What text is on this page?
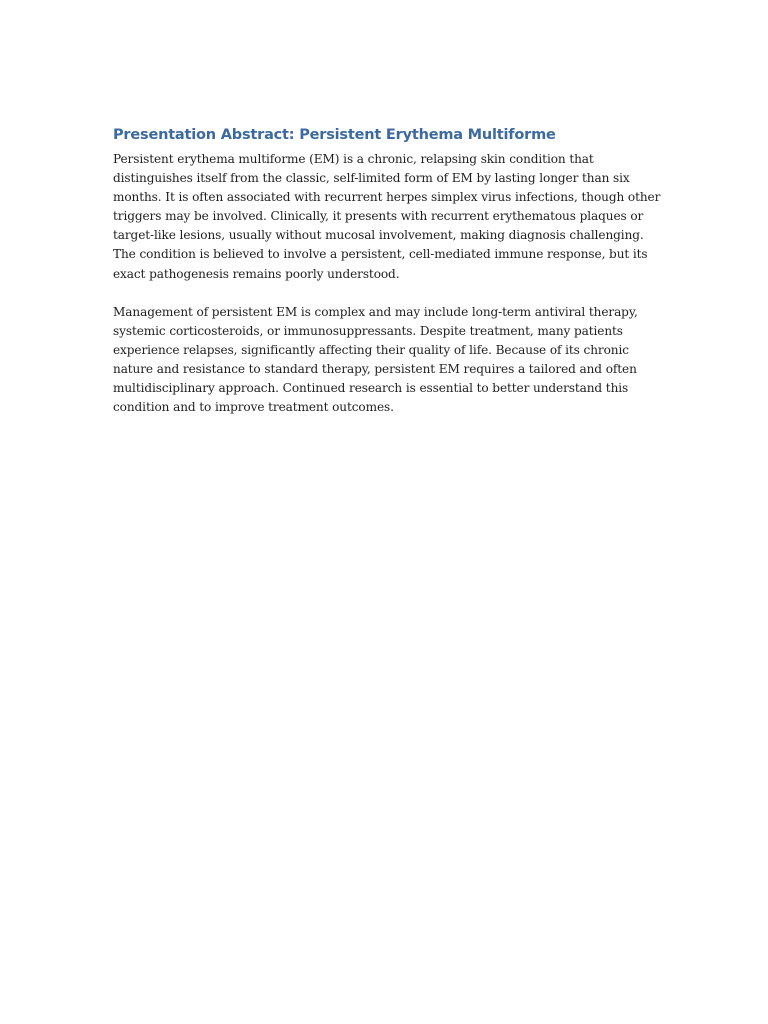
Presentation Abstract: Persistent Erythema Multiforme

Persistent erythema multiforme (EM) is a chronic, relapsing skin condition that distinguishes itself from the classic, self-limited form of EM by lasting longer than six months. It is often associated with recurrent herpes simplex virus infections, though other triggers may be involved. Clinically, it presents with recurrent erythematous plaques or target-like lesions, usually without mucosal involvement, making diagnosis challenging. The condition is believed to involve a persistent, cell-mediated immune response, but its exact pathogenesis remains poorly understood.

Management of persistent EM is complex and may include long-term antiviral therapy, systemic corticosteroids, or immunosuppressants. Despite treatment, many patients experience relapses, significantly affecting their quality of life. Because of its chronic nature and resistance to standard therapy, persistent EM requires a tailored and often multidisciplinary approach. Continued research is essential to better understand this condition and to improve treatment outcomes.
